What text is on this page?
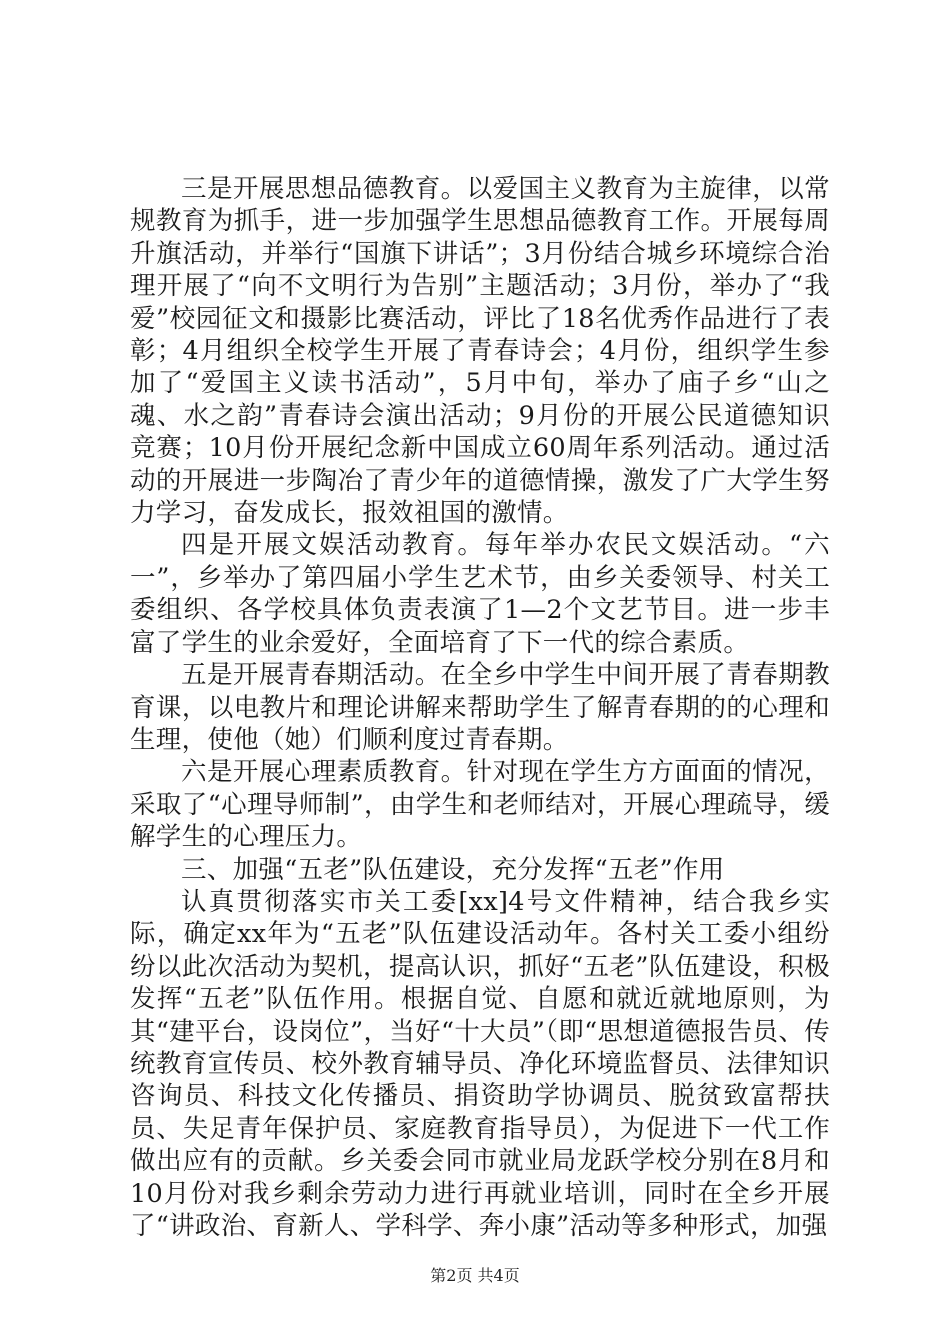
三是开展思想品德教育。以爱国主义教育为主旋律，以常规教育为抓手，进一步加强学生思想品德教育工作。开展每周升旗活动，并举行“国旗下讲话”；3月份结合城乡环境综合治理开展了“向不文明行为告别”主题活动；3月份，举办了“我爱”校园征文和摄影比赛活动，评比了18名优秀作品进行了表彰；4月组织全校学生开展了青春诗会；4月份，组织学生参加了“爱国主义读书活动”，5月中旬，举办了庙子乡“山之魂、水之韵”青春诗会演出活动；9月份的开展公民道德知识竞赛；10月份开展纪念新中国成立60周年系列活动。通过活动的开展进一步陶冶了青少年的道德情操，激发了广大学生努力学习，奋发成长，报效祖国的激情。

四是开展文娱活动教育。每年举办农民文娱活动。“六一”，乡举办了第四届小学生艺术节，由乡关委领导、村关工委组织、各学校具体负责表演了1—2个文艺节目。进一步丰富了学生的业余爱好，全面培育了下一代的综合素质。

五是开展青春期活动。在全乡中学生中间开展了青春期教育课，以电教片和理论讲解来帮助学生了解青春期的的心理和生理，使他（她）们顺利度过青春期。

六是开展心理素质教育。针对现在学生方方面面的情况，采取了“心理导师制”，由学生和老师结对，开展心理疏导，缓解学生的心理压力。

三、加强“五老”队伍建设，充分发挥“五老”作用

认真贯彻落实市关工委[xx]4号文件精神，结合我乡实际，确定xx年为“五老”队伍建设活动年。各村关工委小组纷纷以此次活动为契机，提高认识，抓好“五老”队伍建设，积极发挥“五老”队伍作用。根据自觉、自愿和就近就地原则，为其“建平台，设岗位”，当好“十大员”（即“思想道德报告员、传统教育宣传员、校外教育辅导员、净化环境监督员、法律知识咨询员、科技文化传播员、捐资助学协调员、脱贫致富帮扶员、失足青年保护员、家庭教育指导员），为促进下一代工作做出应有的贡献。乡关委会同市就业局龙跃学校分别在8月和10月份对我乡剩余劳动力进行再就业培训，同时在全乡开展了“讲政治、育新人、学科学、奔小康”活动等多种形式，加强

第2页 共4页
